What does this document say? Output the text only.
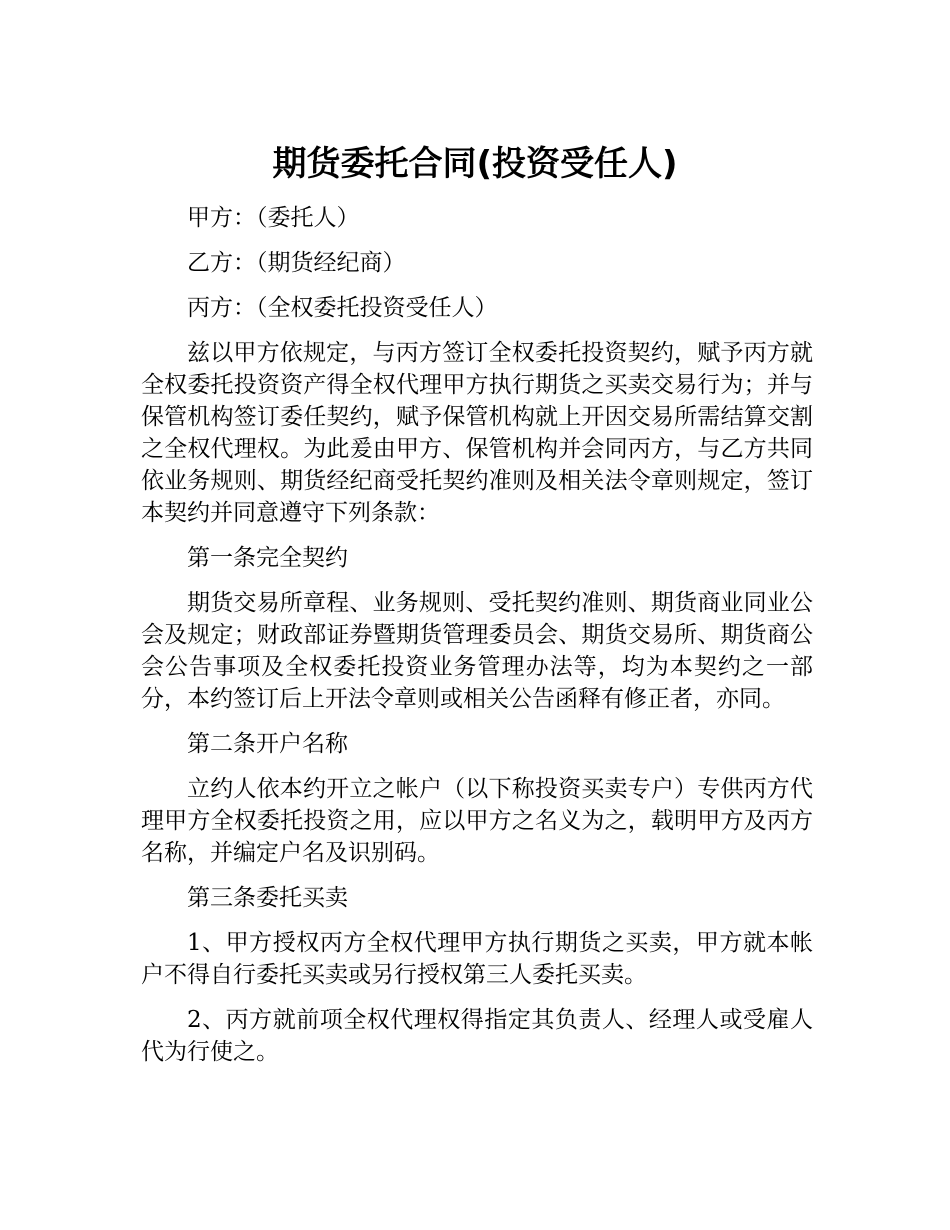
期货委托合同(投资受任人)

甲方：（委托人）

乙方：（期货经纪商）

丙方：（全权委托投资受任人）

兹以甲方依规定，与丙方签订全权委托投资契约，赋予丙方就全权委托投资资产得全权代理甲方执行期货之买卖交易行为；并与保管机构签订委任契约，赋予保管机构就上开因交易所需结算交割之全权代理权。为此爰由甲方、保管机构并会同丙方，与乙方共同依业务规则、期货经纪商受托契约准则及相关法令章则规定，签订本契约并同意遵守下列条款：

第一条完全契约

期货交易所章程、业务规则、受托契约准则、期货商业同业公会及规定；财政部证券暨期货管理委员会、期货交易所、期货商公会公告事项及全权委托投资业务管理办法等，均为本契约之一部分，本约签订后上开法令章则或相关公告函释有修正者，亦同。

第二条开户名称

立约人依本约开立之帐户（以下称投资买卖专户）专供丙方代理甲方全权委托投资之用，应以甲方之名义为之，载明甲方及丙方名称，并编定户名及识别码。

第三条委托买卖

1、甲方授权丙方全权代理甲方执行期货之买卖，甲方就本帐户不得自行委托买卖或另行授权第三人委托买卖。

2、丙方就前项全权代理权得指定其负责人、经理人或受雇人代为行使之。
